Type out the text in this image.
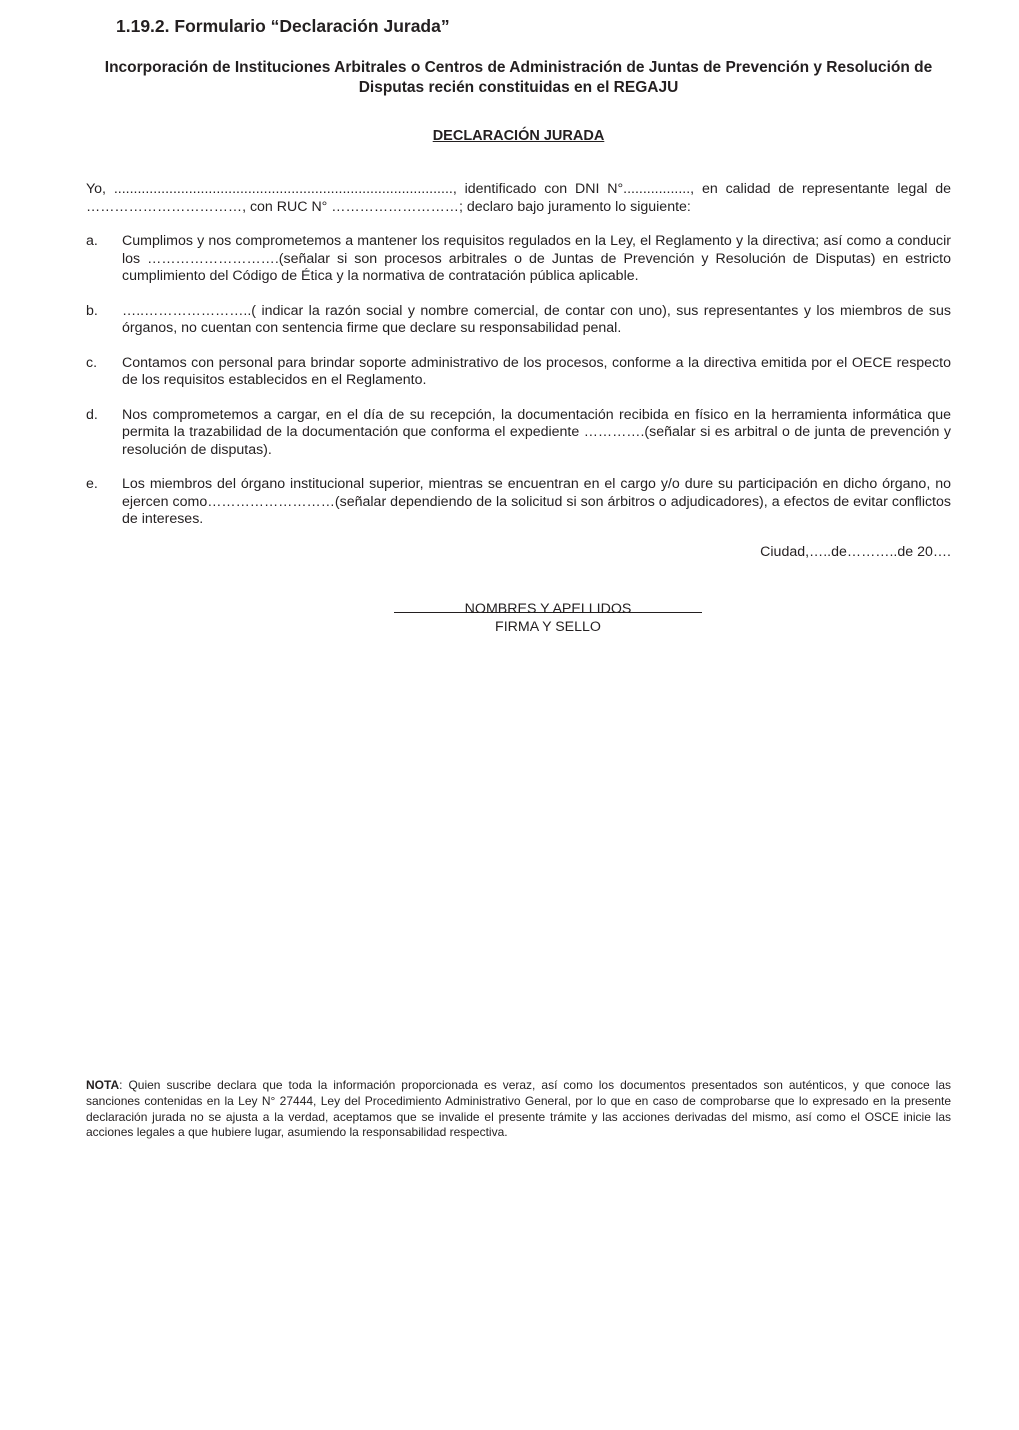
1.19.2. Formulario “Declaración Jurada”
Incorporación de Instituciones Arbitrales o Centros de Administración de Juntas de Prevención y Resolución de Disputas recién constituidas en el REGAJU
DECLARACIÓN JURADA

Yo, ......................................................................................, identificado con DNI N°................., en calidad de representante legal de ……………………………, con RUC N° ………………………; declaro bajo juramento lo siguiente:

a.	Cumplimos y nos comprometemos a mantener los requisitos regulados en la Ley, el Reglamento y la directiva; así como a conducir los ……………………….(señalar si son procesos arbitrales o de Juntas de Prevención y Resolución de Disputas) en estricto cumplimiento del Código de Ética y la normativa de contratación pública aplicable.
b.	…..…………………..( indicar la razón social y nombre comercial, de contar con uno), sus representantes y los miembros de sus órganos, no cuentan con sentencia firme que declare su responsabilidad penal.
c.	Contamos con personal para brindar soporte administrativo de los procesos, conforme a la directiva emitida por el OECE respecto de los requisitos establecidos en el Reglamento.
d.	Nos comprometemos a cargar, en el día de su recepción, la documentación recibida en físico en la herramienta informática que permita la trazabilidad de la documentación que conforma el expediente ………….(señalar si es arbitral o de junta de prevención y resolución de disputas).
e.	Los miembros del órgano institucional superior, mientras se encuentran en el cargo y/o dure su participación en dicho órgano, no ejercen como………………………(señalar dependiendo de la solicitud si son árbitros o adjudicadores), a efectos de evitar conflictos de intereses.

Ciudad,…..de………..de 20….

NOMBRES Y APELLIDOS
FIRMA Y SELLO

NOTA: Quien suscribe declara que toda la información proporcionada es veraz, así como los documentos presentados son auténticos, y que conoce las sanciones contenidas en la Ley N° 27444, Ley del Procedimiento Administrativo General, por lo que en caso de comprobarse que lo expresado en la presente declaración jurada no se ajusta a la verdad, aceptamos que se invalide el presente trámite y las acciones derivadas del mismo, así como el OSCE inicie las acciones legales a que hubiere lugar, asumiendo la responsabilidad respectiva.
